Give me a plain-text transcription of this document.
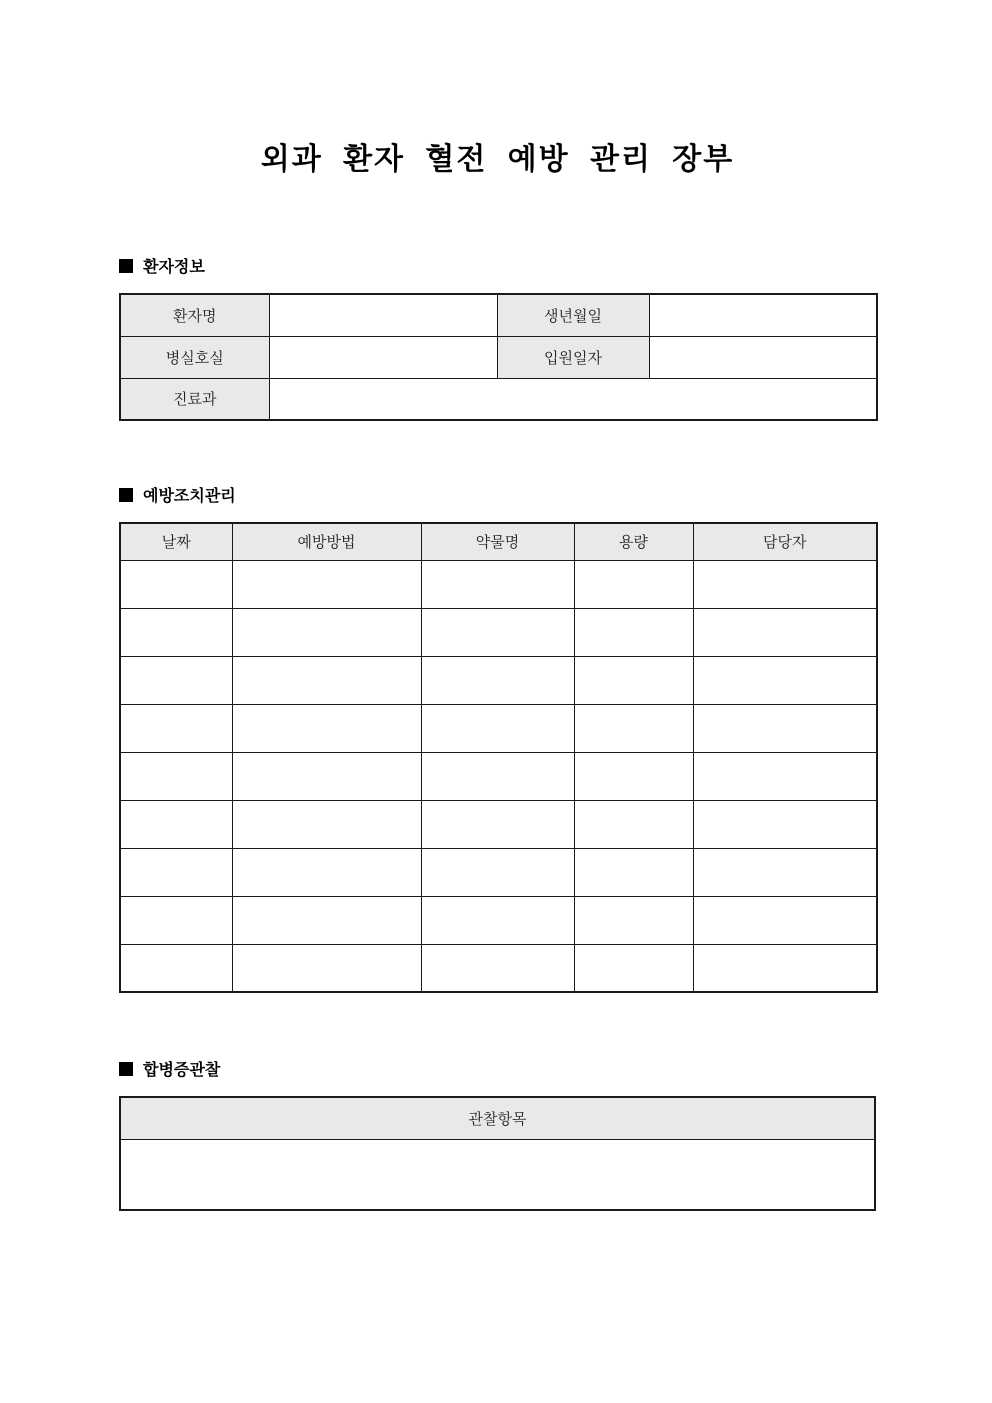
외과 환자 혈전 예방 관리 장부
환자정보
환자명		생년월일	
병실호실		입원일자	
진료과			
예방조치관리
날짜	예방방법	약물명	용량	담당자

합병증관찰
관찰항목
